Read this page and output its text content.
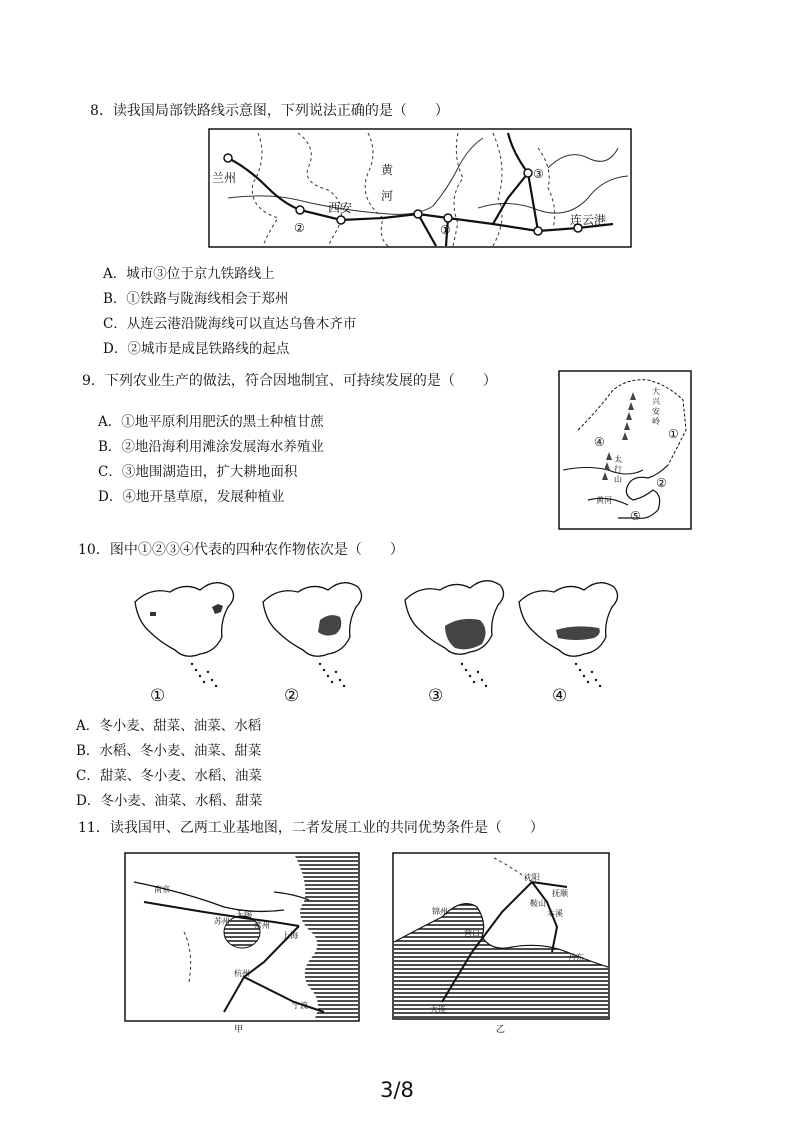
8．读我国局部铁路线示意图，下列说法正确的是（　　）
兰州
黄
河
西安
连云港
①
②
③
A．城市③位于京九铁路线上
B．①铁路与陇海线相会于郑州
C．从连云港沿陇海线可以直达乌鲁木齐市
D．②城市是成昆铁路线的起点
9．下列农业生产的做法，符合因地制宜、可持续发展的是（　　）
大
兴
安
岭
太
行
山
黄河
①
②
④
⑤
A．①地平原利用肥沃的黑土种植甘蔗
B．②地沿海利用滩涂发展海水养殖业
C．③地围湖造田，扩大耕地面积
D．④地开垦草原，发展种植业
10．图中①②③④代表的四种农作物依次是（　　）
①	②	③	④
A．冬小麦、甜菜、油菜、水稻
B．水稻、冬小麦、油菜、甜菜
C．甜菜、冬小麦、水稻、油菜
D．冬小麦、油菜、水稻、甜菜
11．读我国甲、乙两工业基地图，二者发展工业的共同优势条件是（　　）
南京
无锡
苏州	常州
上海
杭州
宁波
甲
沈阳
鞍山
抚顺
本溪
营口
丹东
大连
锦州
乙
3/8
